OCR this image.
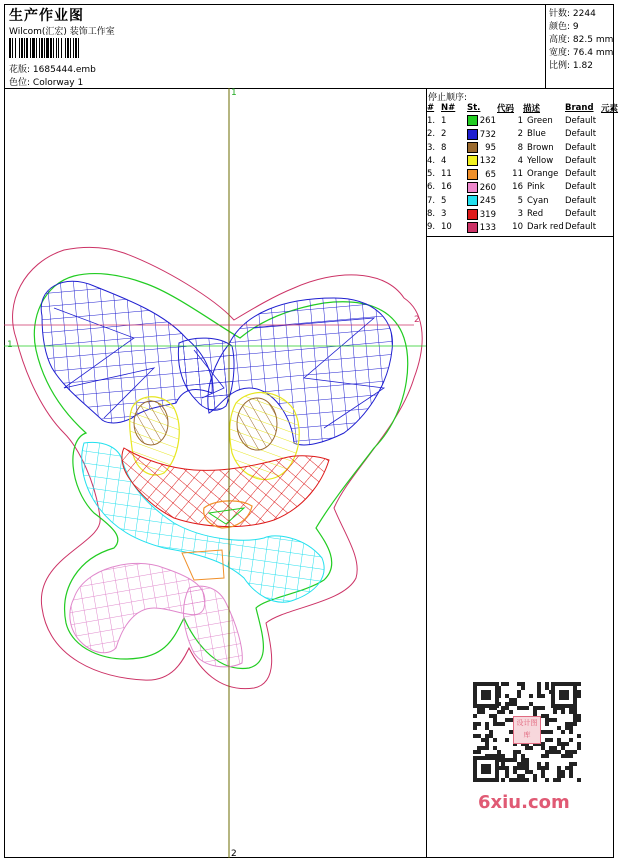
生产作业图
Wilcom(汇宏) 装饰工作室
花版: 1685444.emb
色位: Colorway 1
针数: 2244
颜色: 9
高度: 82.5 mm
宽度: 76.4 mm
比例: 1.82
停止顺序:
#	N#	St.	代码	描述	Brand	元素
1.	1	261	1	Green	Default	
2.	2	732	2	Blue	Default	
3.	8	95	8	Brown	Default	
4.	4	132	4	Yellow	Default	
5.	11	65	11	Orange	Default	
6.	16	260	16	Pink	Default	
7.	5	245	5	Cyan	Default	
8.	3	319	3	Red	Default	
9.	10	133	10	Dark red	Default	
1
2
1
2
设计图库
6xiu.com
